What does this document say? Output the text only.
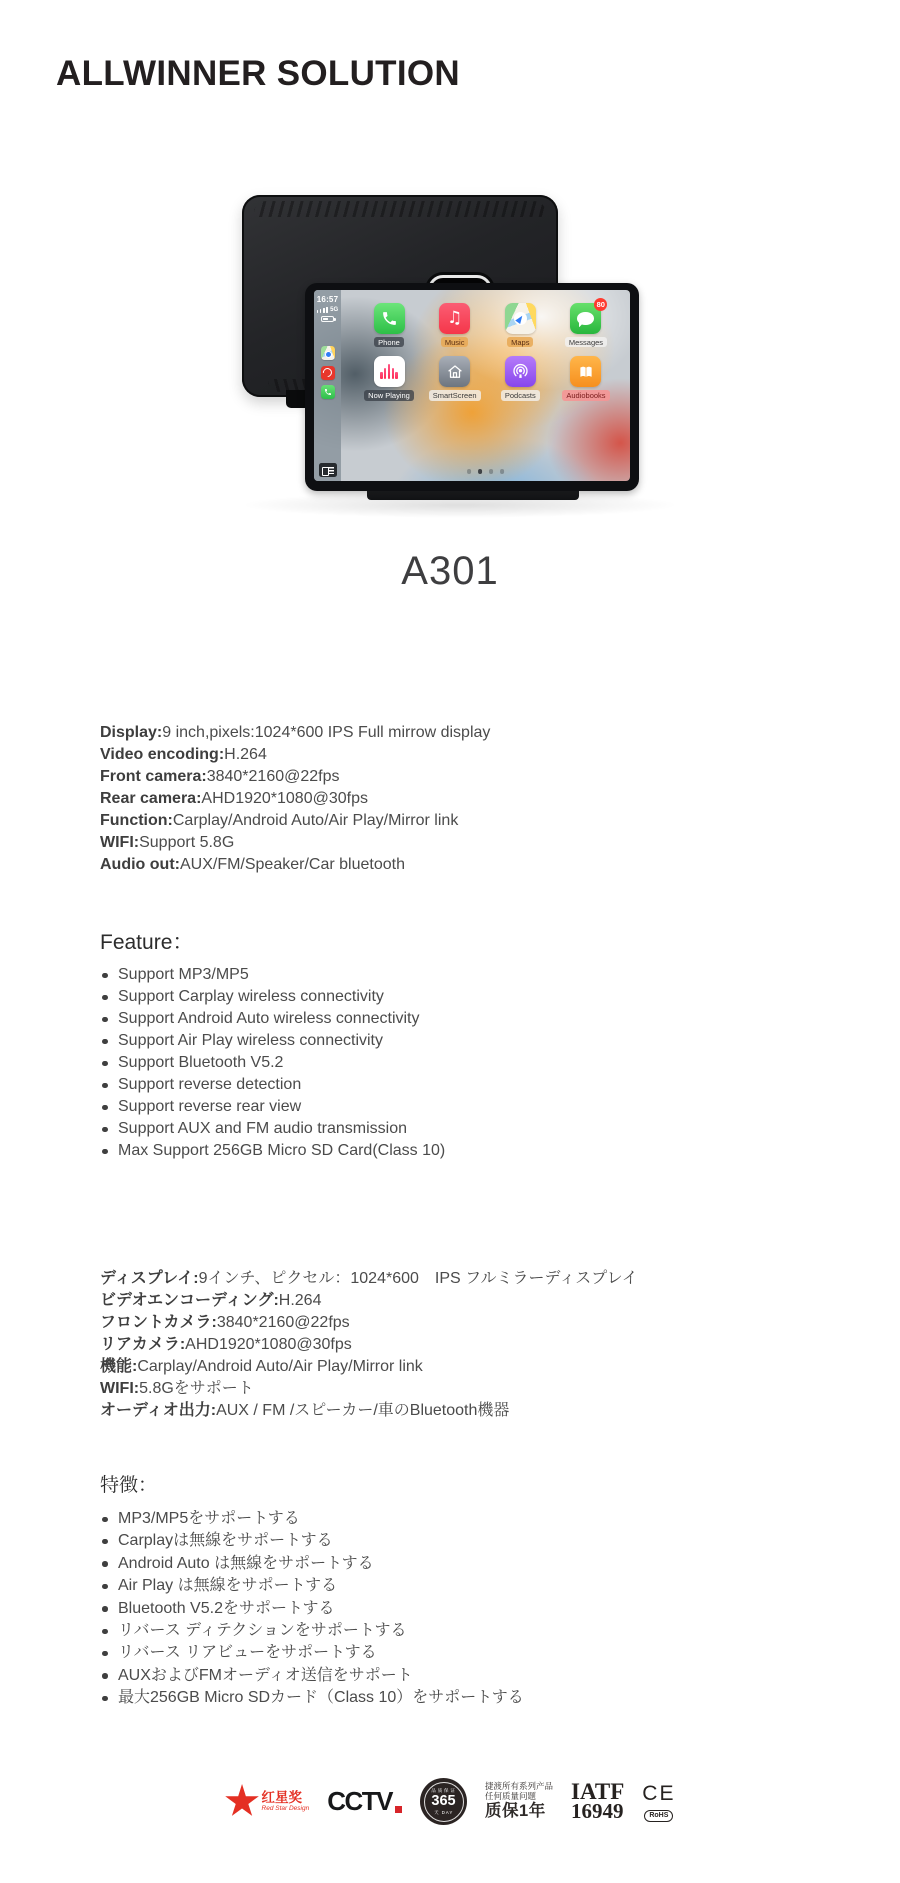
ALLWINNER SOLUTION
16:57
5G
Phone
♫
Music	Maps
80
Messages
Now Playing	SmartScreen	Podcasts	Audiobooks
A301
Display:9 inch,pixels:1024*600 IPS Full mirrow display
Video encoding:H.264
Front camera:3840*2160@22fps
Rear camera:AHD1920*1080@30fps
Function:Carplay/Android Auto/Air Play/Mirror link
WIFI:Support 5.8G
Audio out:AUX/FM/Speaker/Car bluetooth
Feature：
Support MP3/MP5
Support Carplay wireless connectivity
Support Android Auto wireless connectivity
Support Air Play wireless connectivity
Support Bluetooth V5.2
Support reverse detection
Support reverse rear view
Support AUX and FM audio transmission
Max Support 256GB Micro SD Card(Class 10)
ディスプレイ:9インチ、ピクセル：1024*600　IPS フルミラーディスプレイ
ビデオエンコーディング:H.264
フロントカメラ:3840*2160@22fps
リアカメラ:AHD1920*1080@30fps
機能:Carplay/Android Auto/Air Play/Mirror link
WIFI:5.8Gをサポート
オーディオ出力:AUX / FM /スピーカー/車のBluetooth機器
特徴：
MP3/MP5をサポートする
Carplayは無線をサポートする
Android Auto は無線をサポートする
Air Play は無線をサポートする
Bluetooth V5.2をサポートする
リバース ディテクションをサポートする
リバース リアビューをサポートする
AUXおよびFMオーディオ送信をサポート
最大256GB Micro SDカード（Class 10）をサポートする
红星奖
Red Star Design CCTV	品质保证
365
天 DAY
捷渡所有系列产品
任何质量问题
质保1年
IATF
16949
CE
RoHS
